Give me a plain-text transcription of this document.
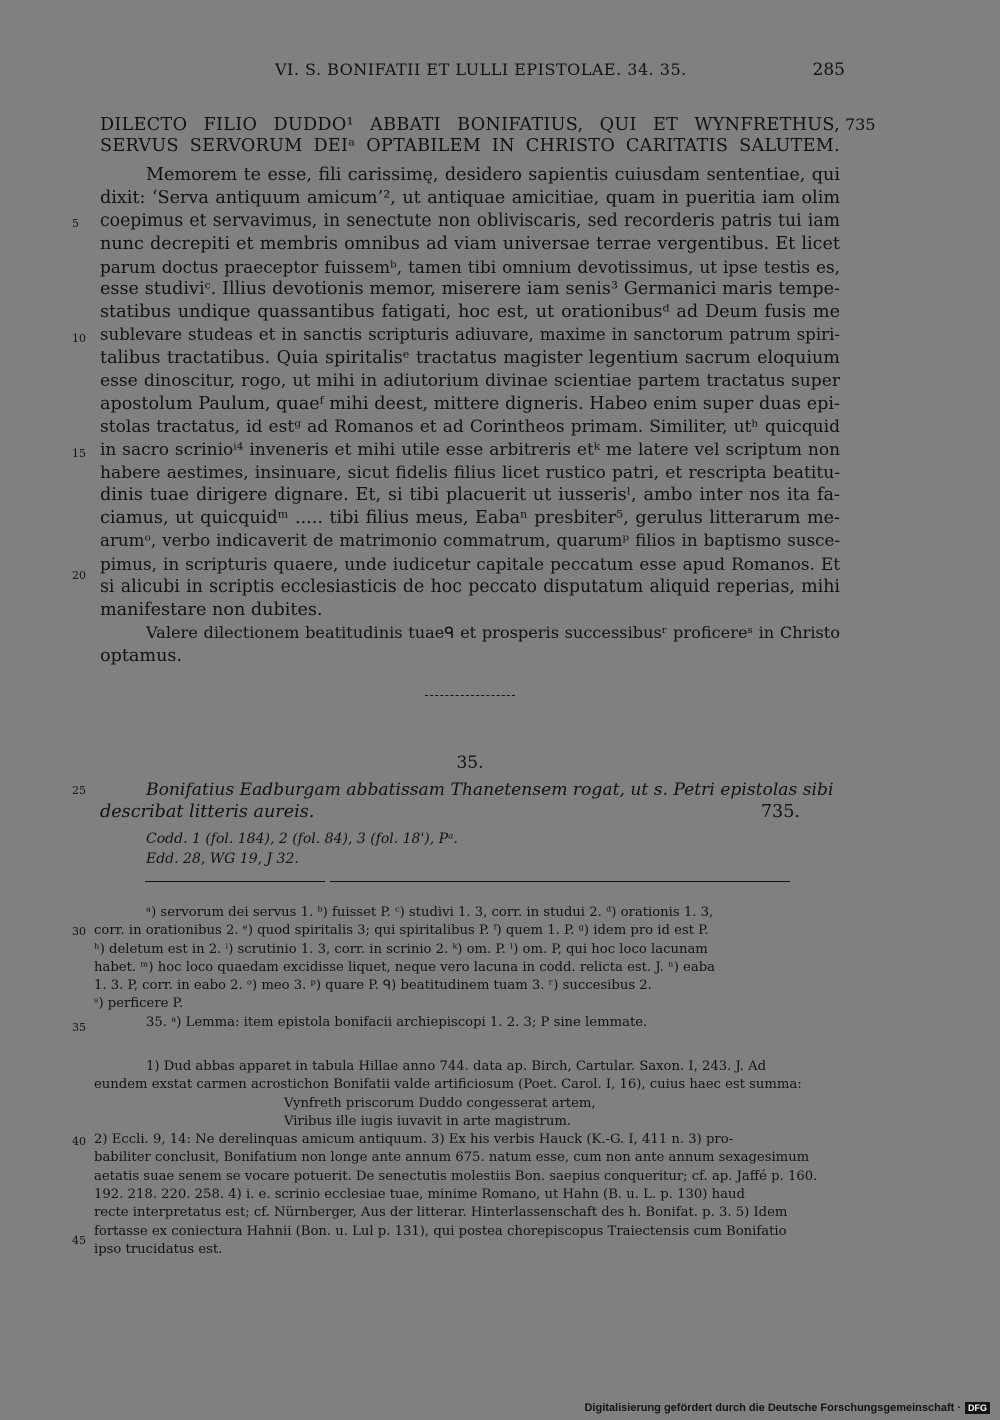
VI. S. BONIFATII ET LULLI EPISTOLAE. 34. 35.	285
DILECTO FILIO DUDDO¹ ABBATI BONIFATIUS, QUI ET WYNFRETHUS,
SERVUS SERVORUM DEIᵃ OPTABILEM IN CHRISTO CARITATIS SALUTEM.
735
Memorem te esse, fili carissimę, desidero sapientis cuiusdam sententiae, qui
dixit: ‘Serva antiquum amicum’², ut antiquae amicitiae, quam in pueritia iam olim
coepimus et servavimus, in senectute non obliviscaris, sed recorderis patris tui iam
nunc decrepiti et membris omnibus ad viam universae terrae vergentibus. Et licet
parum doctus praeceptor fuissemᵇ, tamen tibi omnium devotissimus, ut ipse testis es,
esse studiviᶜ. Illius devotionis memor, miserere iam senis³ Germanici maris tempe-
statibus undique quassantibus fatigati, hoc est, ut orationibusᵈ ad Deum fusis me
sublevare studeas et in sanctis scripturis adiuvare, maxime in sanctorum patrum spiri-
talibus tractatibus. Quia spiritalisᵉ tractatus magister legentium sacrum eloquium
esse dinoscitur, rogo, ut mihi in adiutorium divinae scientiae partem tractatus super
apostolum Paulum, quaeᶠ mihi deest, mittere digneris. Habeo enim super duas epi-
stolas tractatus, id estᵍ ad Romanos et ad Corintheos primam. Similiter, utʰ quicquid
in sacro scrinioⁱ⁴ inveneris et mihi utile esse arbitreris etᵏ me latere vel scriptum non
habere aestimes, insinuare, sicut fidelis filius licet rustico patri, et rescripta beatitu-
dinis tuae dirigere dignare. Et, si tibi placuerit ut iusserisˡ, ambo inter nos ita fa-
ciamus, ut quicquidᵐ ..... tibi filius meus, Eabaⁿ presbiter⁵, gerulus litterarum me-
arumᵒ, verbo indicaverit de matrimonio commatrum, quarumᵖ filios in baptismo susce-
pimus, in scripturis quaere, unde iudicetur capitale peccatum esse apud Romanos. Et
si alicubi in scriptis ecclesiasticis de hoc peccato disputatum aliquid reperias, mihi
manifestare non dubites.
Valere dilectionem beatitudinis tuaeᑫ et prosperis successibusʳ proficereˢ in Christo
optamus.
5
10
15
20
25
30
35
40
45
35.
Bonifatius Eadburgam abbatissam Thanetensem rogat, ut s. Petri epistolas sibi
describat litteris aureis.	735.
Codd. 1 (fol. 184), 2 (fol. 84), 3 (fol. 18'), Pᵃ.
Edd. 28, WG 19, J 32.
ᵃ) servorum dei servus 1. ᵇ) fuisset P. ᶜ) studivi 1. 3, corr. in studui 2. ᵈ) orationis 1. 3,
corr. in orationibus 2. ᵉ) quod spiritalis 3; qui spiritalibus P. ᶠ) quem 1. P. ᵍ) idem pro id est P.
ʰ) deletum est in 2. ⁱ) scrutinio 1. 3, corr. in scrinio 2. ᵏ) om. P. ˡ) om. P, qui hoc loco lacunam
habet. ᵐ) hoc loco quaedam excidisse liquet, neque vero lacuna in codd. relicta est. J. ⁿ) eaba
1. 3. P, corr. in eabo 2. ᵒ) meo 3. ᵖ) quare P. ᑫ) beatitudinem tuam 3. ʳ) succesibus 2.
ˢ) perficere P.
35. ᵃ) Lemma: item epistola bonifacii archiepiscopi 1. 2. 3; P sine lemmate.
1) Dud abbas apparet in tabula Hillae anno 744. data ap. Birch, Cartular. Saxon. I, 243. J. Ad
eundem exstat carmen acrostichon Bonifatii valde artificiosum (Poet. Carol. I, 16), cuius haec est summa:
Vynfreth priscorum Duddo congesserat artem,
Viribus ille iugis iuvavit in arte magistrum.
2) Eccli. 9, 14: Ne derelinquas amicum antiquum. 3) Ex his verbis Hauck (K.-G. I, 411 n. 3) pro-
babiliter conclusit, Bonifatium non longe ante annum 675. natum esse, cum non ante annum sexagesimum
aetatis suae senem se vocare potuerit. De senectutis molestiis Bon. saepius conqueritur; cf. ap. Jaffé p. 160.
192. 218. 220. 258. 4) i. e. scrinio ecclesiae tuae, minime Romano, ut Hahn (B. u. L. p. 130) haud
recte interpretatus est; cf. Nürnberger, Aus der litterar. Hinterlassenschaft des h. Bonifat. p. 3. 5) Idem
fortasse ex coniectura Hahnii (Bon. u. Lul p. 131), qui postea chorepiscopus Traiectensis cum Bonifatio
ipso trucidatus est.
Digitalisierung gefördert durch die Deutsche Forschungsgemeinschaft · DFG
